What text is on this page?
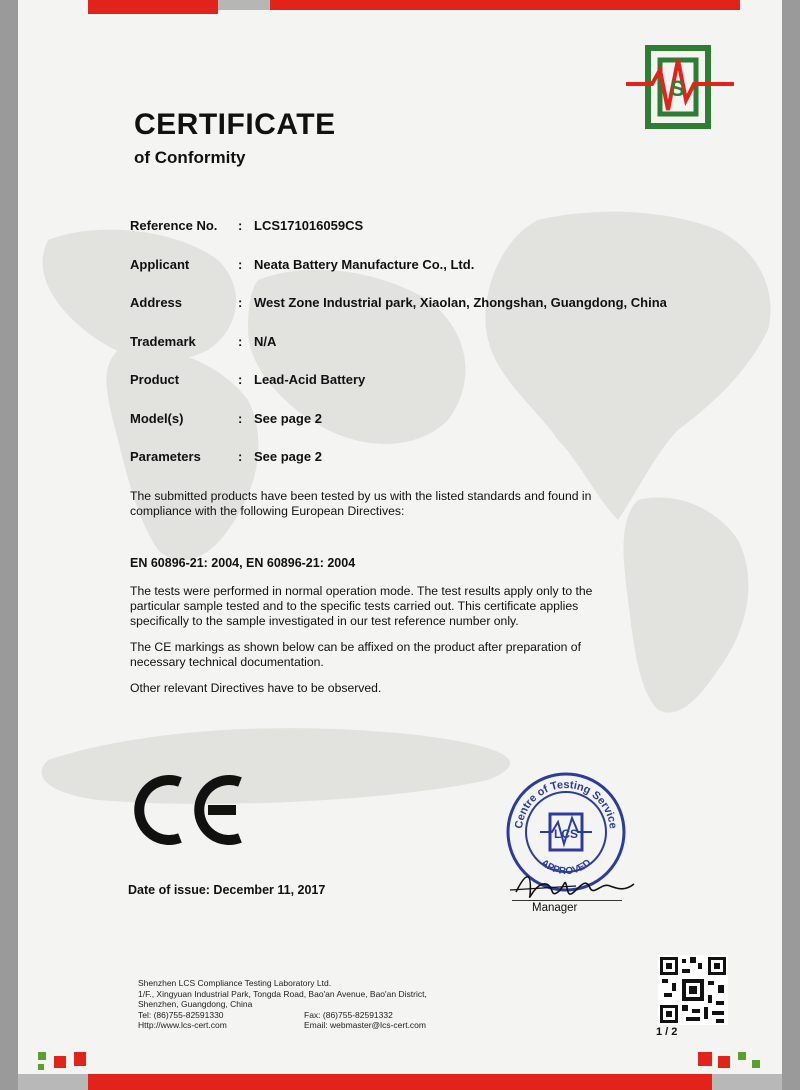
S
CERTIFICATE
of Conformity
Reference No.	: LCS171016059CS
Applicant	: Neata Battery Manufacture Co., Ltd.
Address	: West Zone Industrial park, Xiaolan, Zhongshan, Guangdong, China
Trademark	: N/A
Product	: Lead-Acid Battery
Model(s)	: See page 2
Parameters	: See page 2
The submitted products have been tested by us with the listed standards and found in
compliance with the following European Directives:
EN 60896-21: 2004, EN 60896-21: 2004
The tests were performed in normal operation mode. The test results apply only to the
particular sample tested and to the specific tests carried out. This certificate applies
specifically to the sample investigated in our test reference number only.
The CE markings as shown below can be affixed on the product after preparation of
necessary technical documentation.
Other relevant Directives have to be observed.
Date of issue: December 11, 2017
Centre of Testing Service
APPROVED
LCS
Manager
Shenzhen LCS Compliance Testing Laboratory Ltd.
1/F., Xingyuan Industrial Park, Tongda Road, Bao'an Avenue, Bao'an District,
Shenzhen, Guangdong, China
Tel: (86)755-82591330	Fax: (86)755-82591332
Http://www.lcs-cert.com	Email: webmaster@lcs-cert.com
1 / 2
